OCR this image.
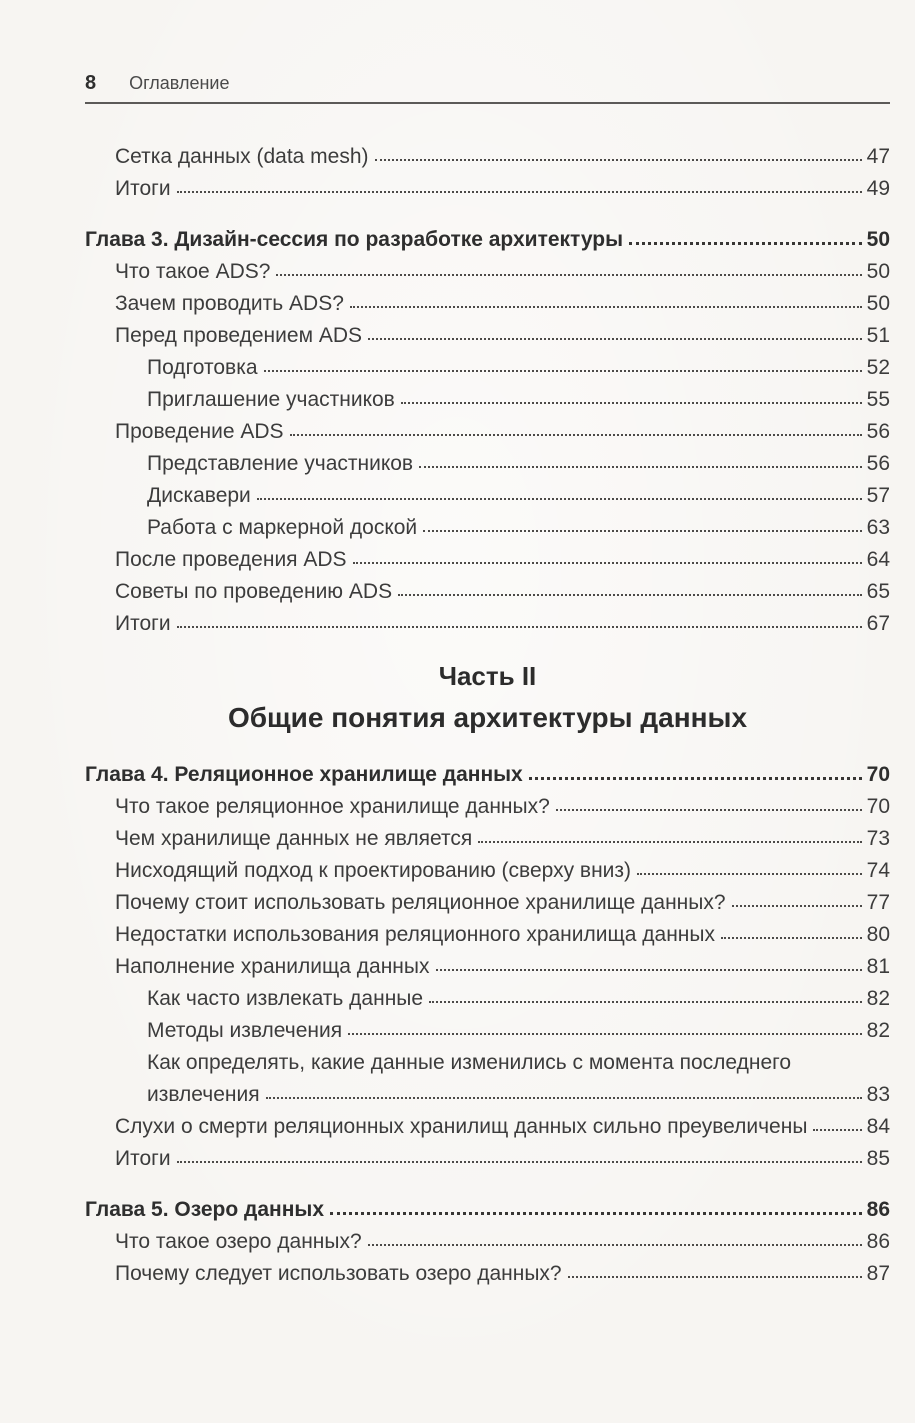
8 Оглавление
Сетка данных (data mesh)	47
Итоги	49
Глава 3. Дизайн-сессия по разработке архитектуры	50
Что такое ADS?	50
Зачем проводить ADS?	50
Перед проведением ADS	51
Подготовка	52
Приглашение участников	55
Проведение ADS	56
Представление участников	56
Дискавери	57
Работа с маркерной доской	63
После проведения ADS	64
Советы по проведению ADS	65
Итоги	67
Часть II
Общие понятия архитектуры данных
Глава 4. Реляционное хранилище данных	70
Что такое реляционное хранилище данных?	70
Чем хранилище данных не является	73
Нисходящий подход к проектированию (сверху вниз)	74
Почему стоит использовать реляционное хранилище данных?	77
Недостатки использования реляционного хранилища данных	80
Наполнение хранилища данных	81
Как часто извлекать данные	82
Методы извлечения	82
Как определять, какие данные изменились с момента последнего
извлечения	83
Слухи о смерти реляционных хранилищ данных сильно преувеличены	84
Итоги	85
Глава 5. Озеро данных	86
Что такое озеро данных?	86
Почему следует использовать озеро данных?	87
